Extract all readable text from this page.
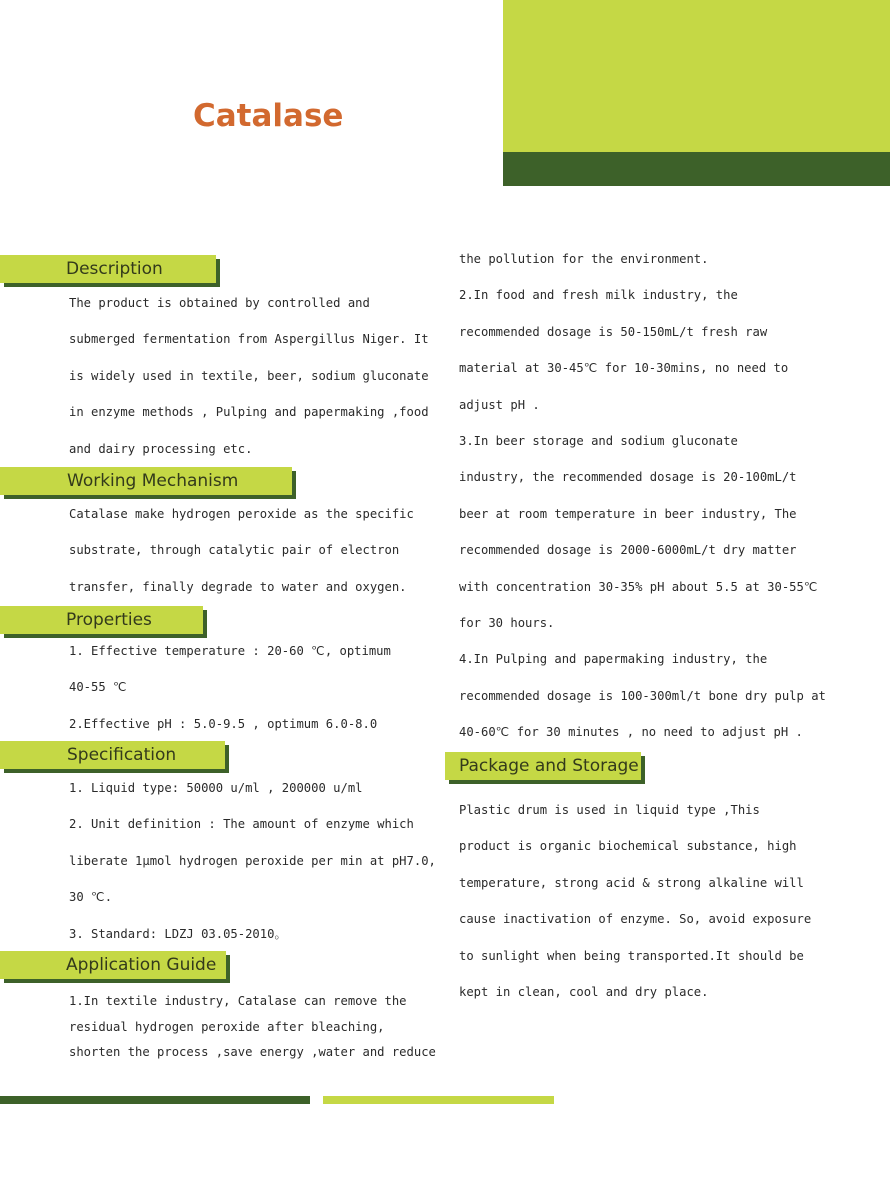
Catalase
Description
The product is obtained by controlled and
submerged fermentation from Aspergillus Niger. It
is widely used in textile, beer, sodium gluconate
in enzyme methods , Pulping and papermaking ,food
and dairy processing etc.
Working Mechanism
Catalase make hydrogen peroxide as the specific
substrate, through catalytic pair of electron
transfer, finally degrade to water and oxygen.
Properties
1. Effective temperature : 20-60 ℃, optimum
40-55 ℃
2.Effective pH : 5.0-9.5 , optimum 6.0-8.0
Specification
1. Liquid type: 50000 u/ml , 200000 u/ml
2. Unit definition : The amount of enzyme which
liberate 1μmol hydrogen peroxide per min at pH7.0,
30 ℃.
3. Standard: LDZJ 03.05-2010。
Application Guide
1.In textile industry, Catalase can remove the
residual hydrogen peroxide after bleaching,
shorten the process ,save energy ,water and reduce
the pollution for the environment.
2.In food and fresh milk industry, the
recommended dosage is 50-150mL/t fresh raw
material at 30-45℃ for 10-30mins, no need to
adjust pH .
3.In beer storage and sodium gluconate
industry, the recommended dosage is 20-100mL/t
beer at room temperature in beer industry, The
recommended dosage is 2000-6000mL/t dry matter
with concentration 30-35% pH about 5.5 at 30-55℃
for 30 hours.
4.In Pulping and papermaking industry, the
recommended dosage is 100-300ml/t bone dry pulp at
40-60℃ for 30 minutes , no need to adjust pH .
Package and Storage
Plastic drum is used in liquid type ,This
product is organic biochemical substance, high
temperature, strong acid & strong alkaline will
cause inactivation of enzyme. So, avoid exposure
to sunlight when being transported.It should be
kept in clean, cool and dry place.
